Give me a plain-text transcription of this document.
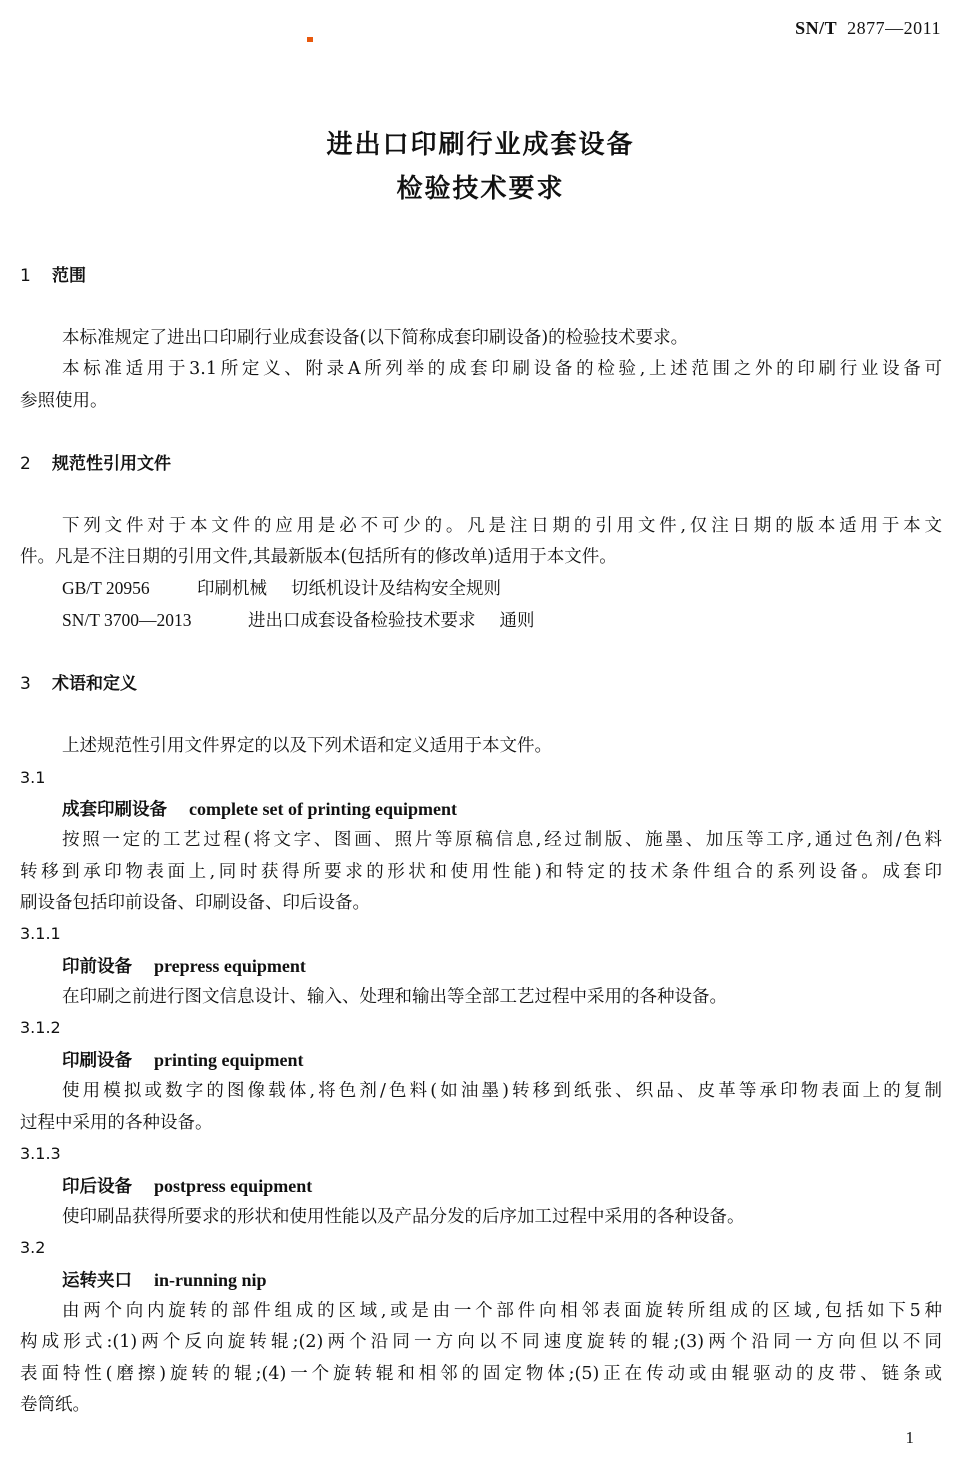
SN/T 2877—2011
进出口印刷行业成套设备
检验技术要求
1 范围
本标准规定了进出口印刷行业成套设备(以下简称成套印刷设备)的检验技术要求。
本标准适用于3.1所定义、附录A所列举的成套印刷设备的检验,上述范围之外的印刷行业设备可
参照使用。
2 规范性引用文件
下列文件对于本文件的应用是必不可少的。凡是注日期的引用文件,仅注日期的版本适用于本文
件。凡是不注日期的引用文件,其最新版本(包括所有的修改单)适用于本文件。
GB/T 20956	印刷机械 切纸机设计及结构安全规则
SN/T 3700—2013	进出口成套设备检验技术要求 通则
3 术语和定义
上述规范性引用文件界定的以及下列术语和定义适用于本文件。
3.1
成套印刷设备 complete set of printing equipment
按照一定的工艺过程(将文字、图画、照片等原稿信息,经过制版、施墨、加压等工序,通过色剂/色料
转移到承印物表面上,同时获得所要求的形状和使用性能)和特定的技术条件组合的系列设备。成套印
刷设备包括印前设备、印刷设备、印后设备。
3.1.1
印前设备 prepress equipment
在印刷之前进行图文信息设计、输入、处理和输出等全部工艺过程中采用的各种设备。
3.1.2
印刷设备 printing equipment
使用模拟或数字的图像载体,将色剂/色料(如油墨)转移到纸张、织品、皮革等承印物表面上的复制
过程中采用的各种设备。
3.1.3
印后设备 postpress equipment
使印刷品获得所要求的形状和使用性能以及产品分发的后序加工过程中采用的各种设备。
3.2
运转夹口 in-running nip
由两个向内旋转的部件组成的区域,或是由一个部件向相邻表面旋转所组成的区域,包括如下5种
构成形式:(1)两个反向旋转辊;(2)两个沿同一方向以不同速度旋转的辊;(3)两个沿同一方向但以不同
表面特性(磨擦)旋转的辊;(4)一个旋转辊和相邻的固定物体;(5)正在传动或由辊驱动的皮带、链条或
卷筒纸。
1
